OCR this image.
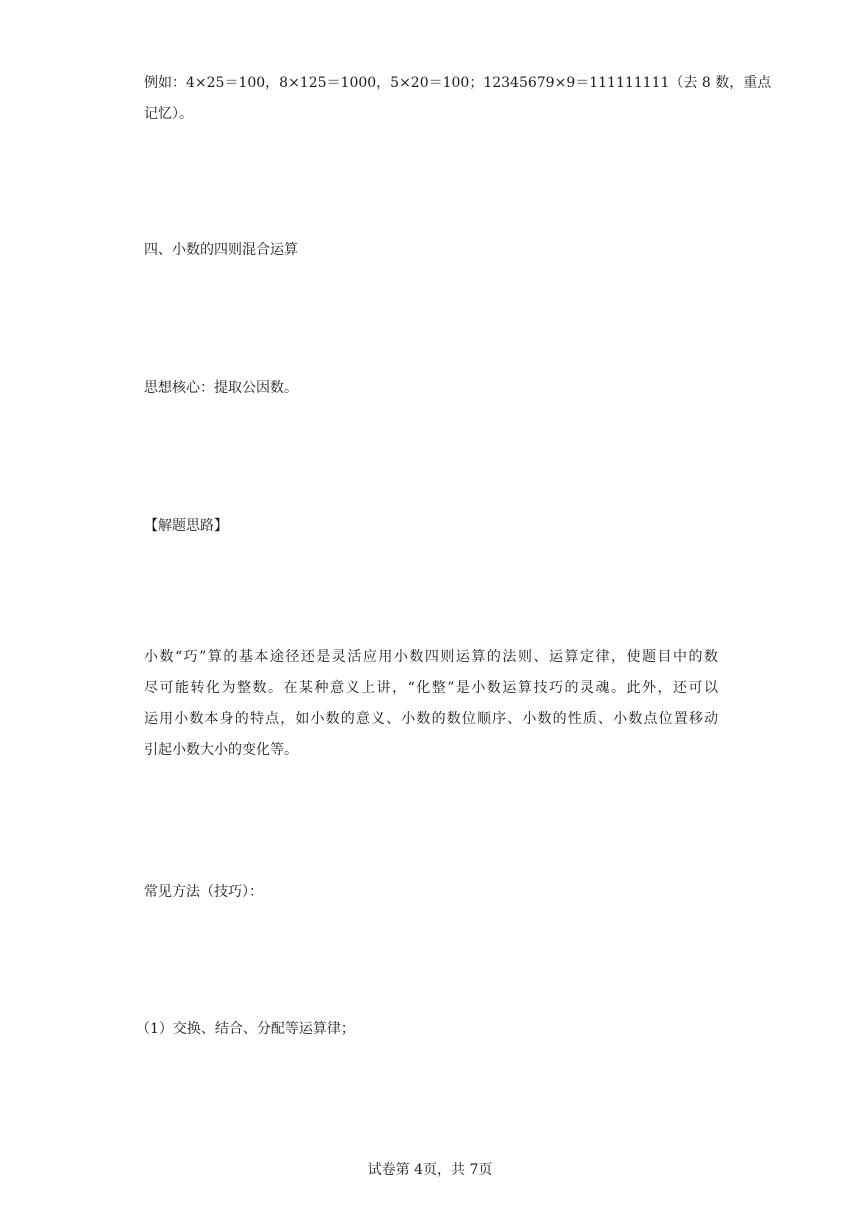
例如：4×25＝100，8×125＝1000，5×20＝100；12345679×9＝111111111（去 8 数，重点
记忆）。

四、小数的四则混合运算

思想核心：提取公因数。

【解题思路】

小数“巧”算的基本途径还是灵活应用小数四则运算的法则、运算定律，使题目中的数
尽可能转化为整数。在某种意义上讲，“化整”是小数运算技巧的灵魂。此外，还可以
运用小数本身的特点，如小数的意义、小数的数位顺序、小数的性质、小数点位置移动
引起小数大小的变化等。

常见方法（技巧）：

（1）交换、结合、分配等运算律；

试卷第 4页，共 7页
